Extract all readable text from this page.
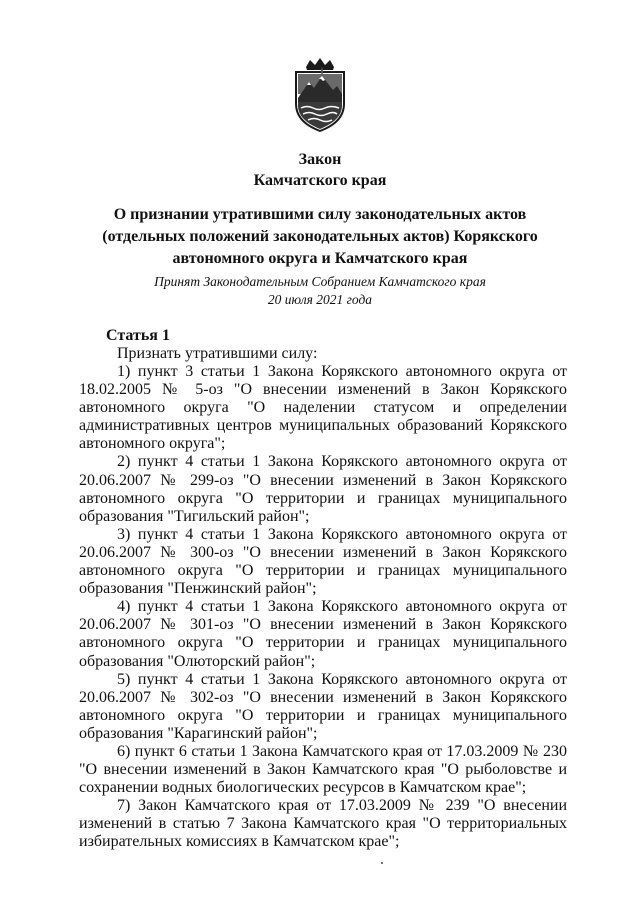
Закон
Камчатского края
О признании утратившими силу законодательных актов (отдельных положений законодательных актов) Корякского автономного округа и Камчатского края
Принят Законодательным Собранием Камчатского края
20 июля 2021 года
Статья 1
Признать утратившими силу:

1) пункт 3 статьи 1 Закона Корякского автономного округа от 18.02.2005 № 5-оз "О внесении изменений в Закон Корякского автономного округа "О наделении статусом и определении административных центров муниципальных образований Корякского автономного округа";

2) пункт 4 статьи 1 Закона Корякского автономного округа от 20.06.2007 № 299-оз "О внесении изменений в Закон Корякского автономного округа "О территории и границах муниципального образования "Тигильский район";

3) пункт 4 статьи 1 Закона Корякского автономного округа от 20.06.2007 № 300-оз "О внесении изменений в Закон Корякского автономного округа "О территории и границах муниципального образования "Пенжинский район";

4) пункт 4 статьи 1 Закона Корякского автономного округа от 20.06.2007 № 301-оз "О внесении изменений в Закон Корякского автономного округа "О территории и границах муниципального образования "Олюторский район";

5) пункт 4 статьи 1 Закона Корякского автономного округа от 20.06.2007 № 302-оз "О внесении изменений в Закон Корякского автономного округа "О территории и границах муниципального образования "Карагинский район";

6) пункт 6 статьи 1 Закона Камчатского края от 17.03.2009 № 230 "О внесении изменений в Закон Камчатского края "О рыболовстве и сохранении водных биологических ресурсов в Камчатском крае";

7) Закон Камчатского края от 17.03.2009 № 239 "О внесении изменений в статью 7 Закона Камчатского края "О территориальных избирательных комиссиях в Камчатском крае";
